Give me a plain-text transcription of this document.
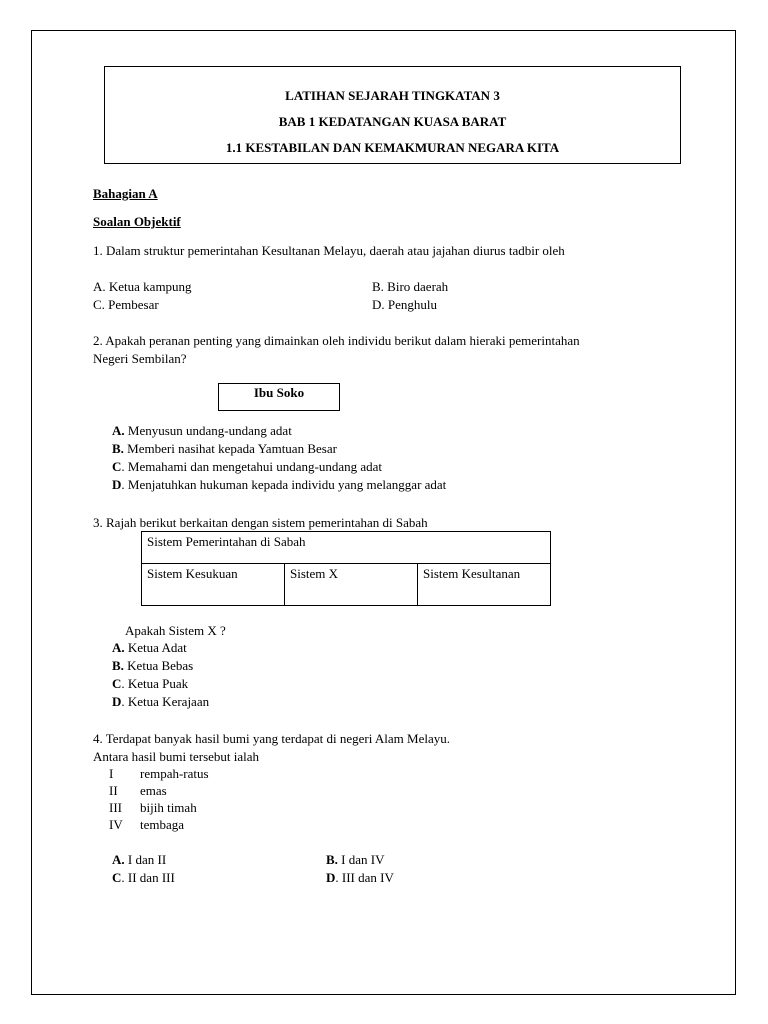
LATIHAN SEJARAH TINGKATAN 3
BAB 1 KEDATANGAN KUASA BARAT
1.1 KESTABILAN DAN KEMAKMURAN NEGARA KITA
Bahagian A
Soalan Objektif
1. Dalam struktur pemerintahan Kesultanan Melayu, daerah atau jajahan diurus tadbir oleh
A. Ketua kampung	B. Biro daerah
C. Pembesar	D. Penghulu
2. Apakah peranan penting yang dimainkan oleh individu berikut dalam hieraki pemerintahan
Negeri Sembilan?
Ibu Soko
A. Menyusun undang-undang adat
B. Memberi nasihat kepada Yamtuan Besar
C. Memahami dan mengetahui undang-undang adat
D. Menjatuhkan hukuman kepada individu yang melanggar adat
3. Rajah berikut berkaitan dengan sistem pemerintahan di Sabah
Sistem Pemerintahan di Sabah
Sistem Kesukuan	Sistem X	Sistem Kesultanan
Apakah Sistem X ?
A. Ketua Adat
B. Ketua Bebas
C. Ketua Puak
D. Ketua Kerajaan
4. Terdapat banyak hasil bumi yang terdapat di negeri Alam Melayu.
Antara hasil bumi tersebut ialah
I rempah-ratus
II emas
III bijih timah
IV tembaga
A. I dan II	B. I dan IV
C. II dan III	D. III dan IV
